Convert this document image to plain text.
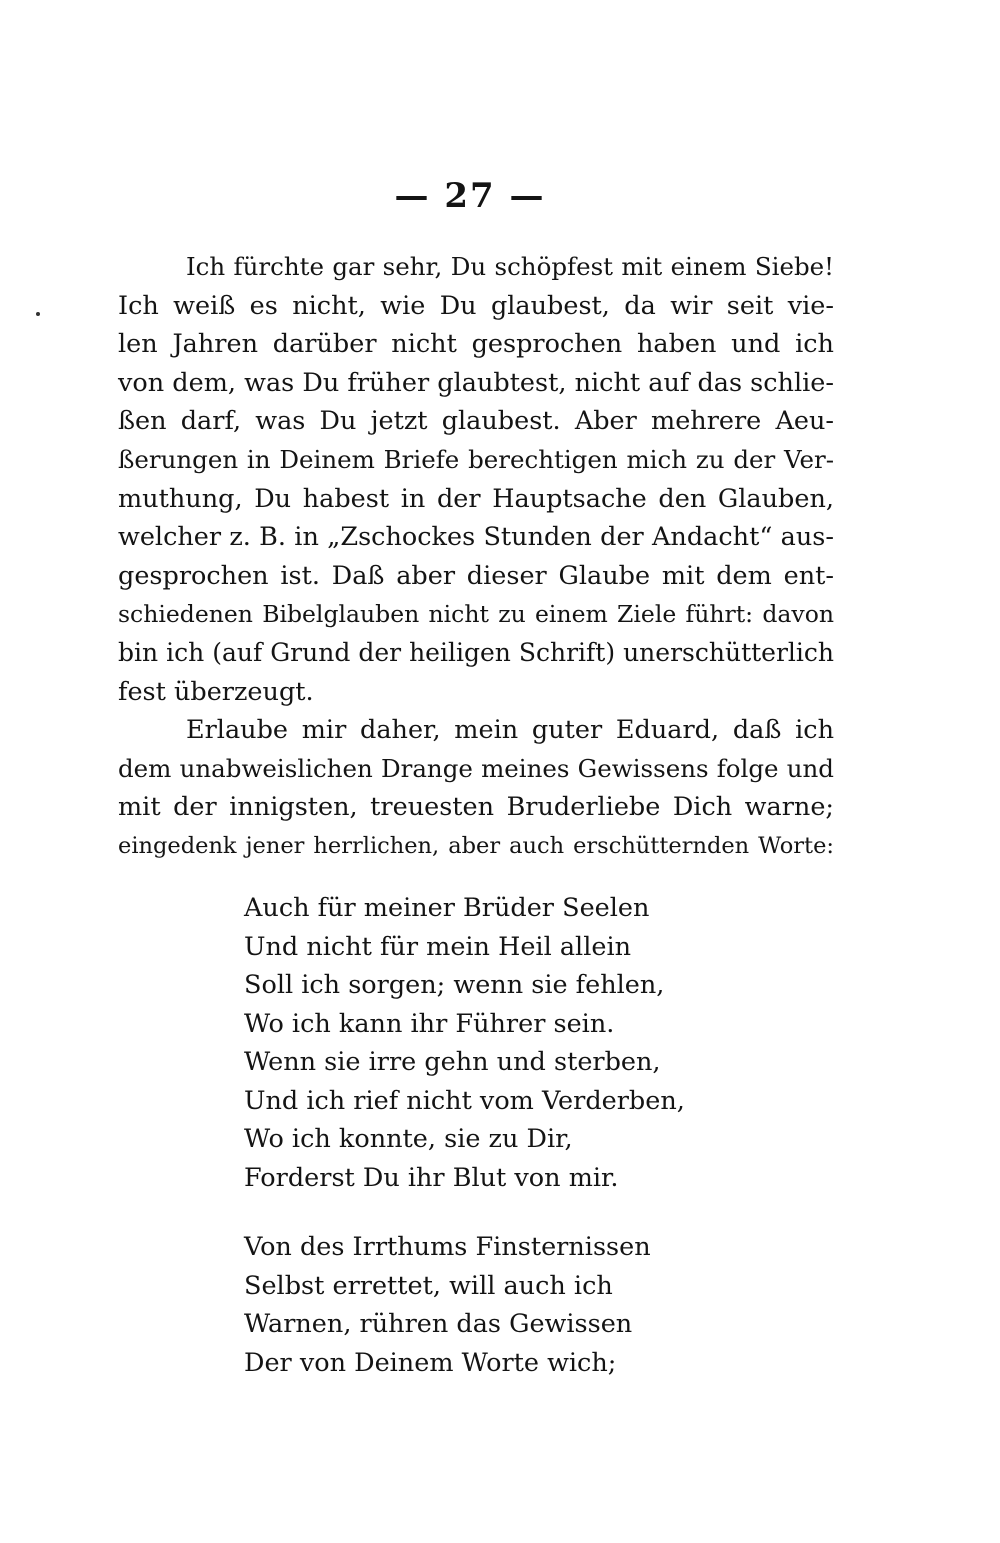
— 27 —
Ich fürchte gar sehr, Du schöpfest mit einem Siebe!
Ich weiß es nicht, wie Du glaubest, da wir seit vie-
len Jahren darüber nicht gesprochen haben und ich
von dem, was Du früher glaubtest, nicht auf das schlie-
ßen darf, was Du jetzt glaubest. Aber mehrere Aeu-
ßerungen in Deinem Briefe berechtigen mich zu der Ver-
muthung, Du habest in der Hauptsache den Glauben,
welcher z. B. in „Zschockes Stunden der Andacht“ aus-
gesprochen ist. Daß aber dieser Glaube mit dem ent-
schiedenen Bibelglauben nicht zu einem Ziele führt: davon
bin ich (auf Grund der heiligen Schrift) unerschütterlich
fest überzeugt.
Erlaube mir daher, mein guter Eduard, daß ich
dem unabweislichen Drange meines Gewissens folge und
mit der innigsten, treuesten Bruderliebe Dich warne;
eingedenk jener herrlichen, aber auch erschütternden Worte:
Auch für meiner Brüder Seelen
Und nicht für mein Heil allein
Soll ich sorgen; wenn sie fehlen,
Wo ich kann ihr Führer sein.
Wenn sie irre gehn und sterben,
Und ich rief nicht vom Verderben,
Wo ich konnte, sie zu Dir,
Forderst Du ihr Blut von mir.
Von des Irrthums Finsternissen
Selbst errettet, will auch ich
Warnen, rühren das Gewissen
Der von Deinem Worte wich;
